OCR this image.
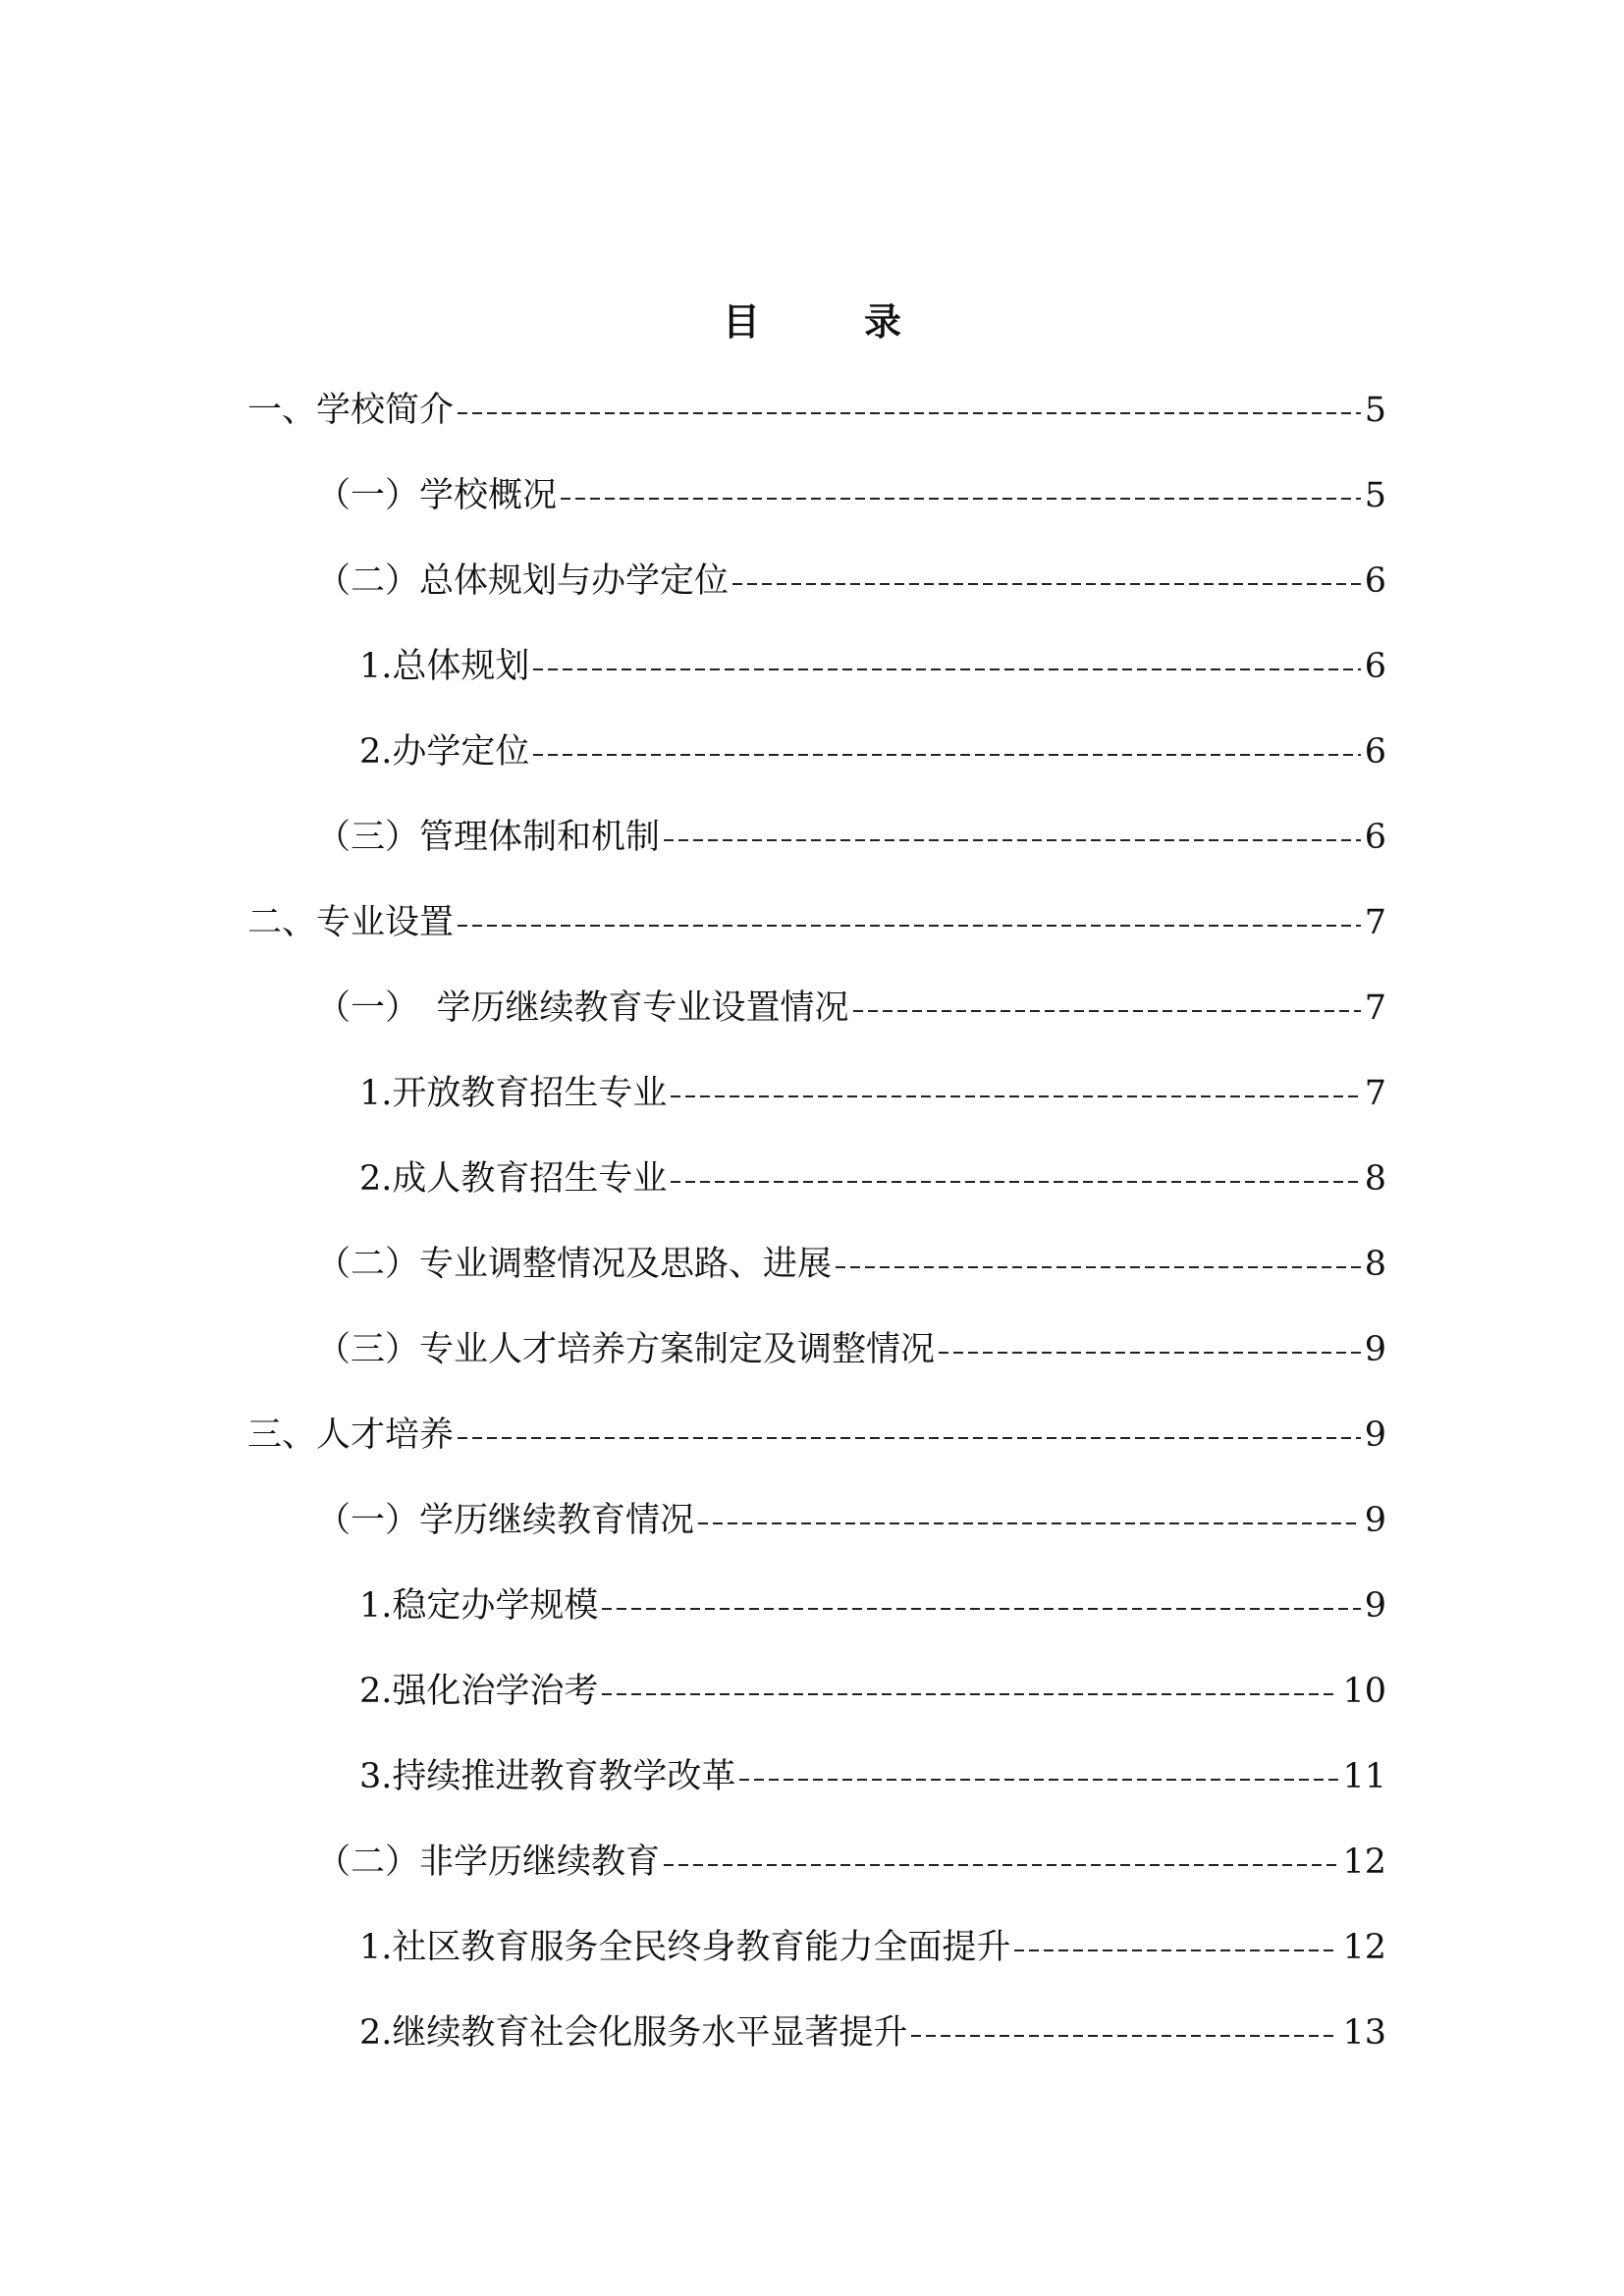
目　录
一、学校简介	5
（一）学校概况	5
（二）总体规划与办学定位	6
1.总体规划	6
2.办学定位	6
（三）管理体制和机制	6
二、专业设置	7
（一）　学历继续教育专业设置情况	7
1.开放教育招生专业	7
2.成人教育招生专业	8
（二）专业调整情况及思路、进展	8
（三）专业人才培养方案制定及调整情况	9
三、人才培养	9
（一）学历继续教育情况	9
1.稳定办学规模	9
2.强化治学治考	10
3.持续推进教育教学改革	11
（二）非学历继续教育	12
1.社区教育服务全民终身教育能力全面提升	12
2.继续教育社会化服务水平显著提升	13
